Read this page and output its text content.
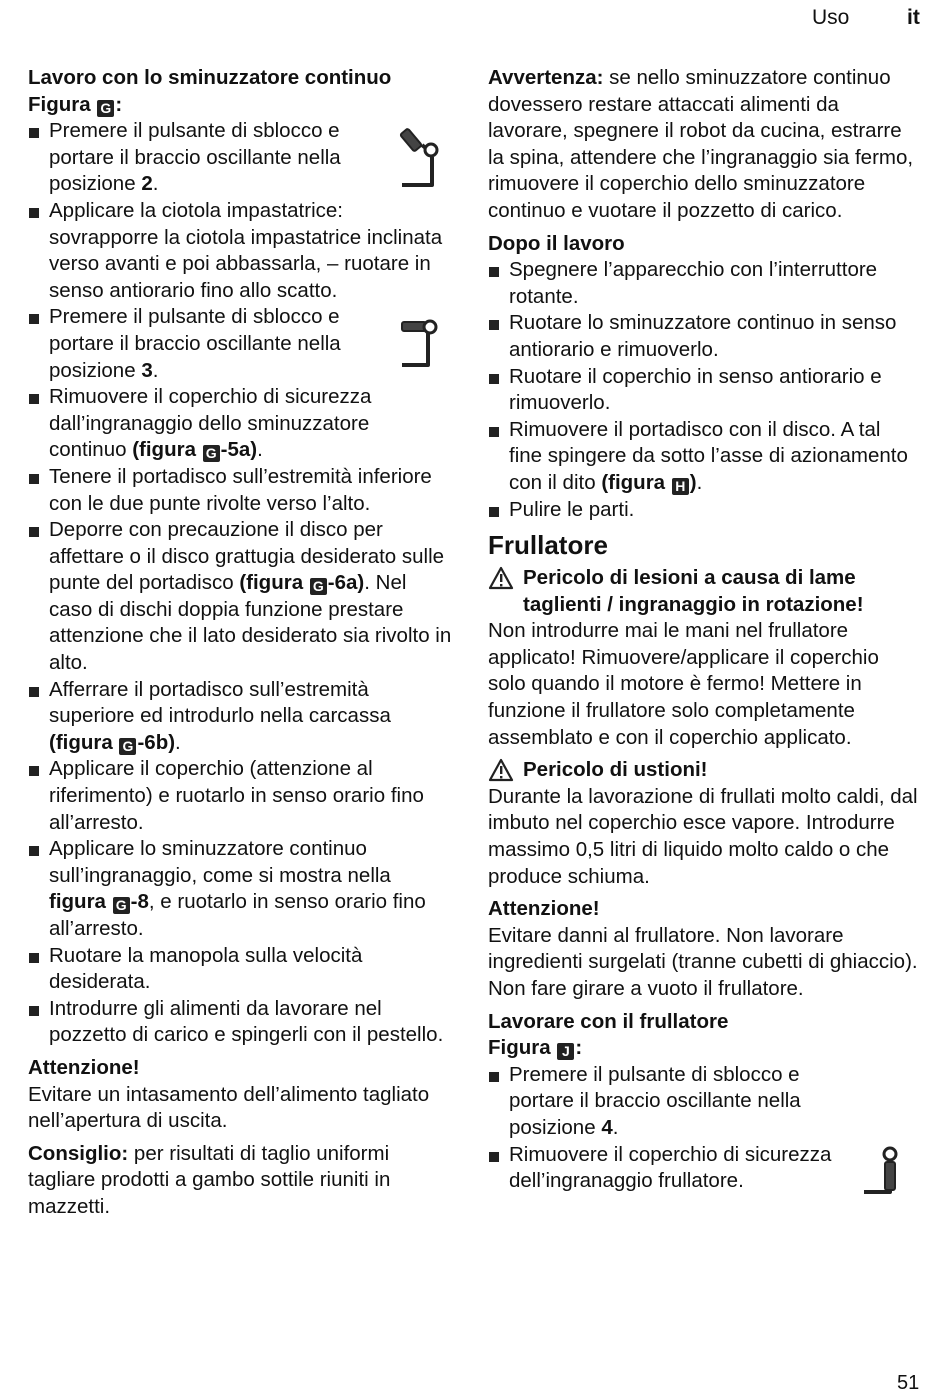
Uso	it

Lavoro con lo sminuzzatore continuo

Figura G :

Premere il pulsante di sblocco e portare il braccio oscillante nella posizione 2.

Applicare la ciotola impastatrice: sovrapporre la ciotola impastatrice inclinata verso avanti e poi abbassarla, – ruotare in senso antiorario fino allo scatto.

Premere il pulsante di sblocco e portare il braccio oscillante nella posizione 3.

Rimuovere il coperchio di sicurezza dall’ingranaggio dello sminuzzatore continuo (figura G -5a).

Tenere il portadisco sull’estremità inferiore con le due punte rivolte verso l’alto.

Deporre con precauzione il disco per affettare o il disco grattugia desiderato sulle punte del portadisco (figura G -6a). Nel caso di dischi doppia funzione prestare attenzione che il lato desiderato sia rivolto in alto.

Afferrare il portadisco sull’estremità superiore ed introdurlo nella carcassa (figura G -6b).

Applicare il coperchio (attenzione al riferimento) e ruotarlo in senso orario fino all’arresto.

Applicare lo sminuzzatore continuo sull’ingranaggio, come si mostra nella figura G -8, e ruotarlo in senso orario fino all’arresto.

Ruotare la manopola sulla velocità desiderata.

Introdurre gli alimenti da lavorare nel pozzetto di carico e spingerli con il pestello.

Attenzione!

Evitare un intasamento dell’alimento tagliato nell’apertura di uscita.

Consiglio: per risultati di taglio uniformi tagliare prodotti a gambo sottile riuniti in mazzetti.

Avvertenza: se nello sminuzzatore continuo dovessero restare attaccati alimenti da lavorare, spegnere il robot da cucina, estrarre la spina, attendere che l’ingranaggio sia fermo, rimuovere il coperchio dello sminuzzatore continuo e vuotare il pozzetto di carico.

Dopo il lavoro

Spegnere l’apparecchio con l’interruttore rotante.

Ruotare lo sminuzzatore continuo in senso antiorario e rimuoverlo.

Ruotare il coperchio in senso antiorario e rimuoverlo.

Rimuovere il portadisco con il disco. A tal fine spingere da sotto l’asse di azionamento con il dito (figura H ).

Pulire le parti.

Frullatore

Pericolo di lesioni a causa di lame taglienti / ingranaggio in rotazione!

Non introdurre mai le mani nel frullatore applicato! Rimuovere/applicare il coperchio solo quando il motore è fermo! Mettere in funzione il frullatore solo completamente assemblato e con il coperchio applicato.

Pericolo di ustioni!

Durante la lavorazione di frullati molto caldi, dal imbuto nel coperchio esce vapore. Introdurre massimo 0,5 litri di liquido molto caldo o che produce schiuma.

Attenzione!

Evitare danni al frullatore. Non lavorare ingredienti surgelati (tranne cubetti di ghiaccio). Non fare girare a vuoto il frullatore.

Lavorare con il frullatore

Figura J :

Premere il pulsante di sblocco e portare il braccio oscillante nella posizione 4.

Rimuovere il coperchio di sicurezza dell’ingranaggio frullatore.

51
